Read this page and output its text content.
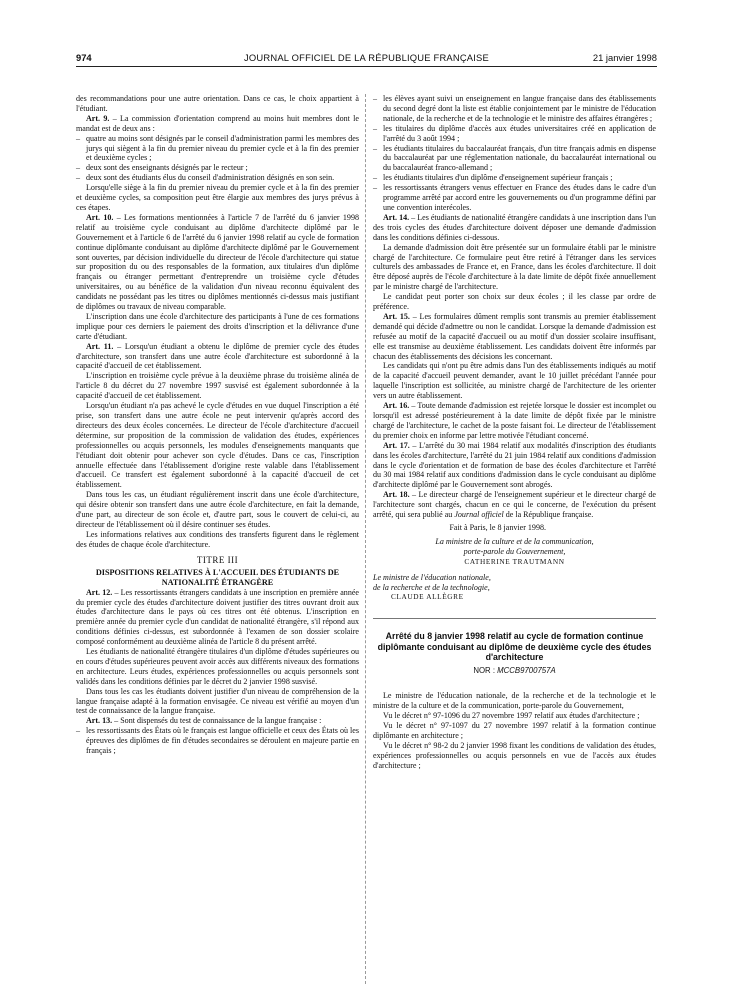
974	JOURNAL OFFICIEL DE LA RÉPUBLIQUE FRANÇAISE	21 janvier 1998

des recommandations pour une autre orientation. Dans ce cas, le choix appartient à l'étudiant.

Art. 9. – La commission d'orientation comprend au moins huit membres dont le mandat est de deux ans :

– quatre au moins sont désignés par le conseil d'administration parmi les membres des jurys qui siègent à la fin du premier niveau du premier cycle et à la fin des premier et deuxième cycles ;

– deux sont des enseignants désignés par le recteur ;

– deux sont des étudiants élus du conseil d'administration désignés en son sein.

Lorsqu'elle siège à la fin du premier niveau du premier cycle et à la fin des premier et deuxième cycles, sa composition peut être élargie aux membres des jurys prévus à ces étapes.

Art. 10. – Les formations mentionnées à l'article 7 de l'arrêté du 6 janvier 1998 relatif au troisième cycle conduisant au diplôme d'architecte diplômé par le Gouvernement et à l'article 6 de l'arrêté du 6 janvier 1998 relatif au cycle de formation continue diplômante conduisant au diplôme d'architecte diplômé par le Gouvernement sont ouvertes, par décision individuelle du directeur de l'école d'architecture qui statue sur proposition du ou des responsables de la formation, aux titulaires d'un diplôme français ou étranger permettant d'entreprendre un troisième cycle d'études universitaires, ou au bénéfice de la validation d'un niveau reconnu équivalent des candidats ne possédant pas les titres ou diplômes mentionnés ci-dessus mais justifiant de diplômes ou travaux de niveau comparable.

L'inscription dans une école d'architecture des participants à l'une de ces formations implique pour ces derniers le paiement des droits d'inscription et la délivrance d'une carte d'étudiant.

Art. 11. – Lorsqu'un étudiant a obtenu le diplôme de premier cycle des études d'architecture, son transfert dans une autre école d'architecture est subordonné à la capacité d'accueil de cet établissement.

L'inscription en troisième cycle prévue à la deuxième phrase du troisième alinéa de l'article 8 du décret du 27 novembre 1997 susvisé est également subordonnée à la capacité d'accueil de cet établissement.

Lorsqu'un étudiant n'a pas achevé le cycle d'études en vue duquel l'inscription a été prise, son transfert dans une autre école ne peut intervenir qu'après accord des directeurs des deux écoles concernées. Le directeur de l'école d'architecture d'accueil détermine, sur proposition de la commission de validation des études, expériences professionnelles ou acquis personnels, les modules d'enseignements manquants que l'étudiant doit obtenir pour achever son cycle d'études. Dans ce cas, l'inscription annuelle effectuée dans l'établissement d'origine reste valable dans l'établissement d'accueil. Ce transfert est également subordonné à la capacité d'accueil de cet établissement.

Dans tous les cas, un étudiant régulièrement inscrit dans une école d'architecture, qui désire obtenir son transfert dans une autre école d'architecture, en fait la demande, d'une part, au directeur de son école et, d'autre part, sous le couvert de celui-ci, au directeur de l'établissement où il désire continuer ses études.

Les informations relatives aux conditions des transferts figurent dans le règlement des études de chaque école d'architecture.

TITRE III

DISPOSITIONS RELATIVES À L'ACCUEIL DES ÉTUDIANTS DE NATIONALITÉ ÉTRANGÈRE

Art. 12. – Les ressortissants étrangers candidats à une inscription en première année du premier cycle des études d'architecture doivent justifier des titres ouvrant droit aux études d'architecture dans le pays où ces titres ont été obtenus. L'inscription en première année du premier cycle d'un candidat de nationalité étrangère, s'il répond aux conditions définies ci-dessus, est subordonnée à l'examen de son dossier scolaire composé conformément au deuxième alinéa de l'article 8 du présent arrêté.

Les étudiants de nationalité étrangère titulaires d'un diplôme d'études supérieures ou en cours d'études supérieures peuvent avoir accès aux différents niveaux des formations en architecture. Leurs études, expériences professionnelles ou acquis personnels sont validés dans les conditions définies par le décret du 2 janvier 1998 susvisé.

Dans tous les cas les étudiants doivent justifier d'un niveau de compréhension de la langue française adapté à la formation envisagée. Ce niveau est vérifié au moyen d'un test de connaissance de la langue française.

Art. 13. – Sont dispensés du test de connaissance de la langue française :

– les ressortissants des États où le français est langue officielle et ceux des États où les épreuves des diplômes de fin d'études secondaires se déroulent en majeure partie en français ;

– les élèves ayant suivi un enseignement en langue française dans des établissements du second degré dont la liste est établie conjointement par le ministre de l'éducation nationale, de la recherche et de la technologie et le ministre des affaires étrangères ;

– les titulaires du diplôme d'accès aux études universitaires créé en application de l'arrêté du 3 août 1994 ;

– les étudiants titulaires du baccalauréat français, d'un titre français admis en dispense du baccalauréat par une réglementation nationale, du baccalauréat international ou du baccalauréat franco-allemand ;

– les étudiants titulaires d'un diplôme d'enseignement supérieur français ;

– les ressortissants étrangers venus effectuer en France des études dans le cadre d'un programme arrêté par accord entre les gouvernements ou d'un programme défini par une convention interécoles.

Art. 14. – Les étudiants de nationalité étrangère candidats à une inscription dans l'un des trois cycles des études d'architecture doivent déposer une demande d'admission dans les conditions définies ci-dessous.

La demande d'admission doit être présentée sur un formulaire établi par le ministre chargé de l'architecture. Ce formulaire peut être retiré à l'étranger dans les services culturels des ambassades de France et, en France, dans les écoles d'architecture. Il doit être déposé auprès de l'école d'architecture à la date limite de dépôt fixée annuellement par le ministre chargé de l'architecture.

Le candidat peut porter son choix sur deux écoles ; il les classe par ordre de préférence.

Art. 15. – Les formulaires dûment remplis sont transmis au premier établissement demandé qui décide d'admettre ou non le candidat. Lorsque la demande d'admission est refusée au motif de la capacité d'accueil ou au motif d'un dossier scolaire insuffisant, elle est transmise au deuxième établissement. Les candidats doivent être informés par chacun des établissements des décisions les concernant.

Les candidats qui n'ont pu être admis dans l'un des établissements indiqués au motif de la capacité d'accueil peuvent demander, avant le 10 juillet précédant l'année pour laquelle l'inscription est sollicitée, au ministre chargé de l'architecture de les orienter vers un autre établissement.

Art. 16. – Toute demande d'admission est rejetée lorsque le dossier est incomplet ou lorsqu'il est adressé postérieurement à la date limite de dépôt fixée par le ministre chargé de l'architecture, le cachet de la poste faisant foi. Le directeur de l'établissement du premier choix en informe par lettre motivée l'étudiant concerné.

Art. 17. – L'arrêté du 30 mai 1984 relatif aux modalités d'inscription des étudiants dans les écoles d'architecture, l'arrêté du 21 juin 1984 relatif aux conditions d'admission dans le cycle d'orientation et de formation de base des écoles d'architecture et l'arrêté du 30 mai 1984 relatif aux conditions d'admission dans le cycle conduisant au diplôme d'architecte diplômé par le Gouvernement sont abrogés.

Art. 18. – Le directeur chargé de l'enseignement supérieur et le directeur chargé de l'architecture sont chargés, chacun en ce qui le concerne, de l'exécution du présent arrêté, qui sera publié au Journal officiel de la République française.

Fait à Paris, le 8 janvier 1998.

La ministre de la culture et de la communication,
porte-parole du Gouvernement,
CATHERINE TRAUTMANN

Le ministre de l'éducation nationale,
de la recherche et de la technologie,
CLAUDE ALLÈGRE

Arrêté du 8 janvier 1998 relatif au cycle de formation continue diplômante conduisant au diplôme de deuxième cycle des études d'architecture
NOR : MCCB9700757A

Le ministre de l'éducation nationale, de la recherche et de la technologie et le ministre de la culture et de la communication, porte-parole du Gouvernement,

Vu le décret n° 97-1096 du 27 novembre 1997 relatif aux études d'architecture ;

Vu le décret n° 97-1097 du 27 novembre 1997 relatif à la formation continue diplômante en architecture ;

Vu le décret n° 98-2 du 2 janvier 1998 fixant les conditions de validation des études, expériences professionnelles ou acquis personnels en vue de l'accès aux études d'architecture ;
